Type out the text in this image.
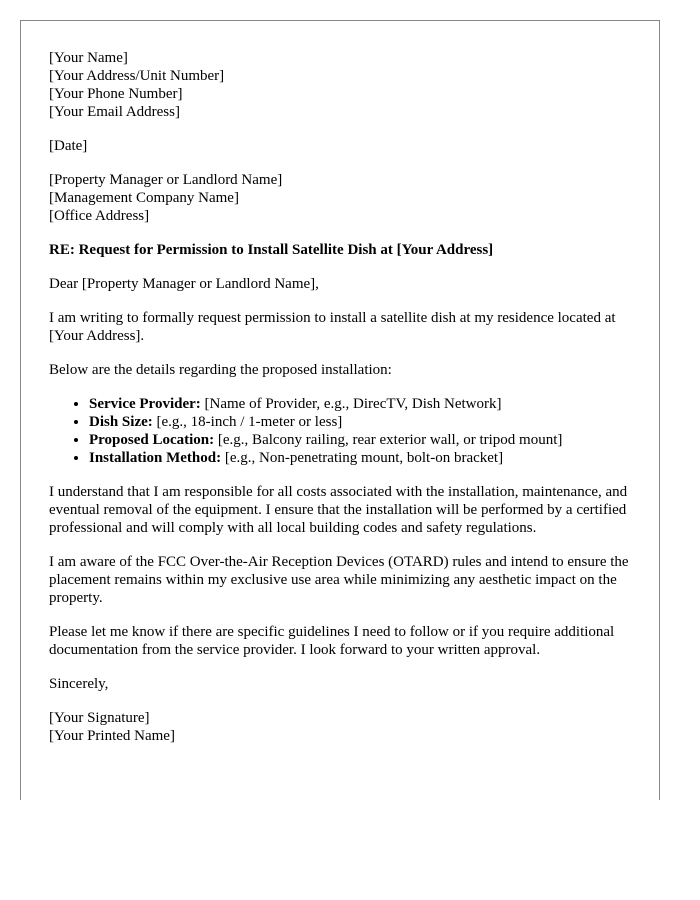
[Your Name]
[Your Address/Unit Number]
[Your Phone Number]
[Your Email Address]
[Date]
[Property Manager or Landlord Name]
[Management Company Name]
[Office Address]

RE: Request for Permission to Install Satellite Dish at [Your Address]

Dear [Property Manager or Landlord Name],

I am writing to formally request permission to install a satellite dish at my residence located at [Your Address].

Below are the details regarding the proposed installation:

• Service Provider: [Name of Provider, e.g., DirecTV, Dish Network]
• Dish Size: [e.g., 18-inch / 1-meter or less]
• Proposed Location: [e.g., Balcony railing, rear exterior wall, or tripod mount]
• Installation Method: [e.g., Non-penetrating mount, bolt-on bracket]

I understand that I am responsible for all costs associated with the installation, maintenance, and eventual removal of the equipment. I ensure that the installation will be performed by a certified professional and will comply with all local building codes and safety regulations.

I am aware of the FCC Over-the-Air Reception Devices (OTARD) rules and intend to ensure the placement remains within my exclusive use area while minimizing any aesthetic impact on the property.

Please let me know if there are specific guidelines I need to follow or if you require additional documentation from the service provider. I look forward to your written approval.

Sincerely,

[Your Signature]
[Your Printed Name]
